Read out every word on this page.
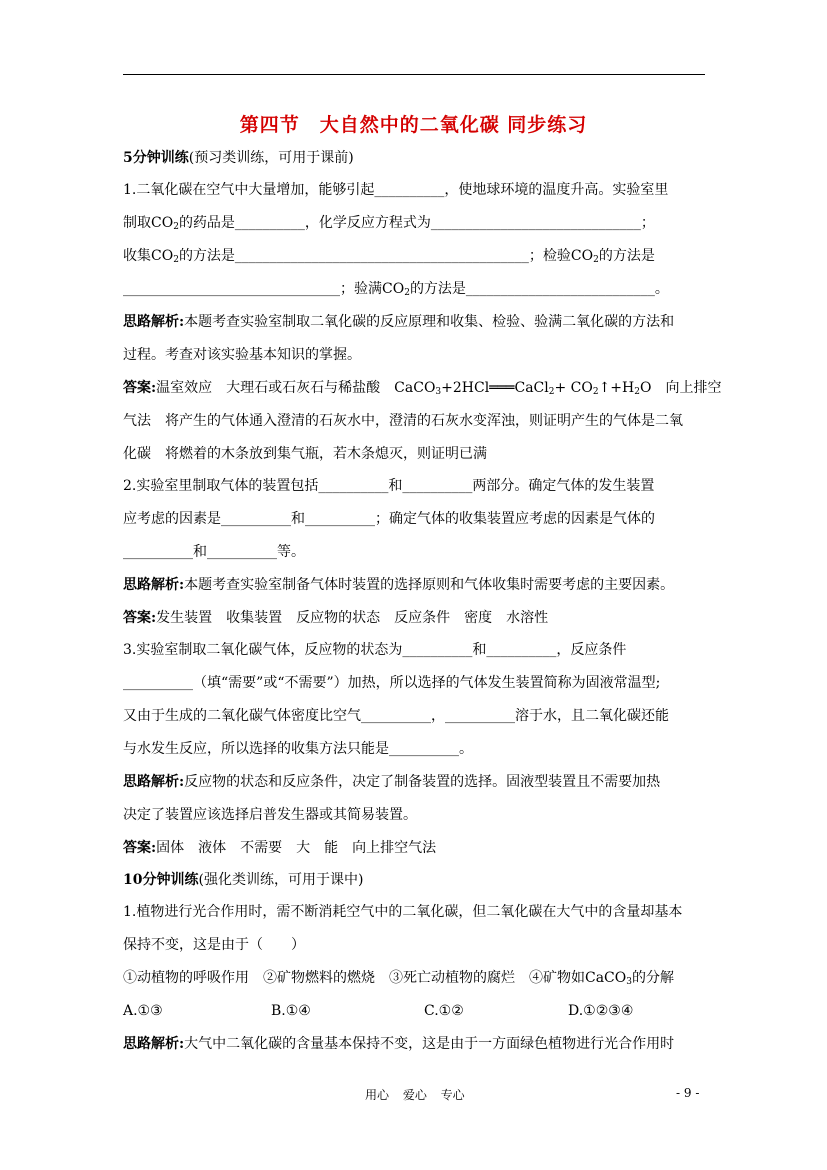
第四节　大自然中的二氧化碳 同步练习
5分钟训练(预习类训练，可用于课前)
1.二氧化碳在空气中大量增加，能够引起__________，使地球环境的温度升高。实验室里
制取$CO_2$的药品是__________，化学反应方程式为______________________________；
收集$CO_2$的方法是__________________________________________；检验$CO_2$的方法是
_______________________________；验满$CO_2$的方法是___________________________。
思路解析:本题考查实验室制取二氧化碳的反应原理和收集、检验、验满二氧化碳的方法和
过程。考查对该实验基本知识的掌握。
答案:温室效应　大理石或石灰石与稀盐酸　CaCO$_3$+2HCl═══CaCl$_2$+ $CO_2↑+H_2O$　向上排空
气法　将产生的气体通入澄清的石灰水中，澄清的石灰水变浑浊，则证明产生的气体是二氧
化碳　将燃着的木条放到集气瓶，若木条熄灭，则证明已满
2.实验室里制取气体的装置包括__________和__________两部分。确定气体的发生装置
应考虑的因素是__________和__________；确定气体的收集装置应考虑的因素是气体的
__________和__________等。
思路解析:本题考查实验室制备气体时装置的选择原则和气体收集时需要考虑的主要因素。
答案:发生装置　收集装置　反应物的状态　反应条件　密度　水溶性
3.实验室制取二氧化碳气体，反应物的状态为__________和__________，反应条件
__________（填“需要”或“不需要”）加热，所以选择的气体发生装置简称为固液常温型;
又由于生成的二氧化碳气体密度比空气__________，__________溶于水，且二氧化碳还能
与水发生反应，所以选择的收集方法只能是__________。
思路解析:反应物的状态和反应条件，决定了制备装置的选择。固液型装置且不需要加热
决定了装置应该选择启普发生器或其简易装置。
答案:固体　液体　不需要　大　能　向上排空气法
10分钟训练(强化类训练，可用于课中)
1.植物进行光合作用时，需不断消耗空气中的二氧化碳，但二氧化碳在大气中的含量却基本
保持不变，这是由于（　　）
①动植物的呼吸作用　②矿物燃料的燃烧　③死亡动植物的腐烂　④矿物如CaCO$_3$的分解
A.①③	B.①④	C.①②	D.①②③④
思路解析:大气中二氧化碳的含量基本保持不变，这是由于一方面绿色植物进行光合作用时
用心 爱心 专心	- 9 -
